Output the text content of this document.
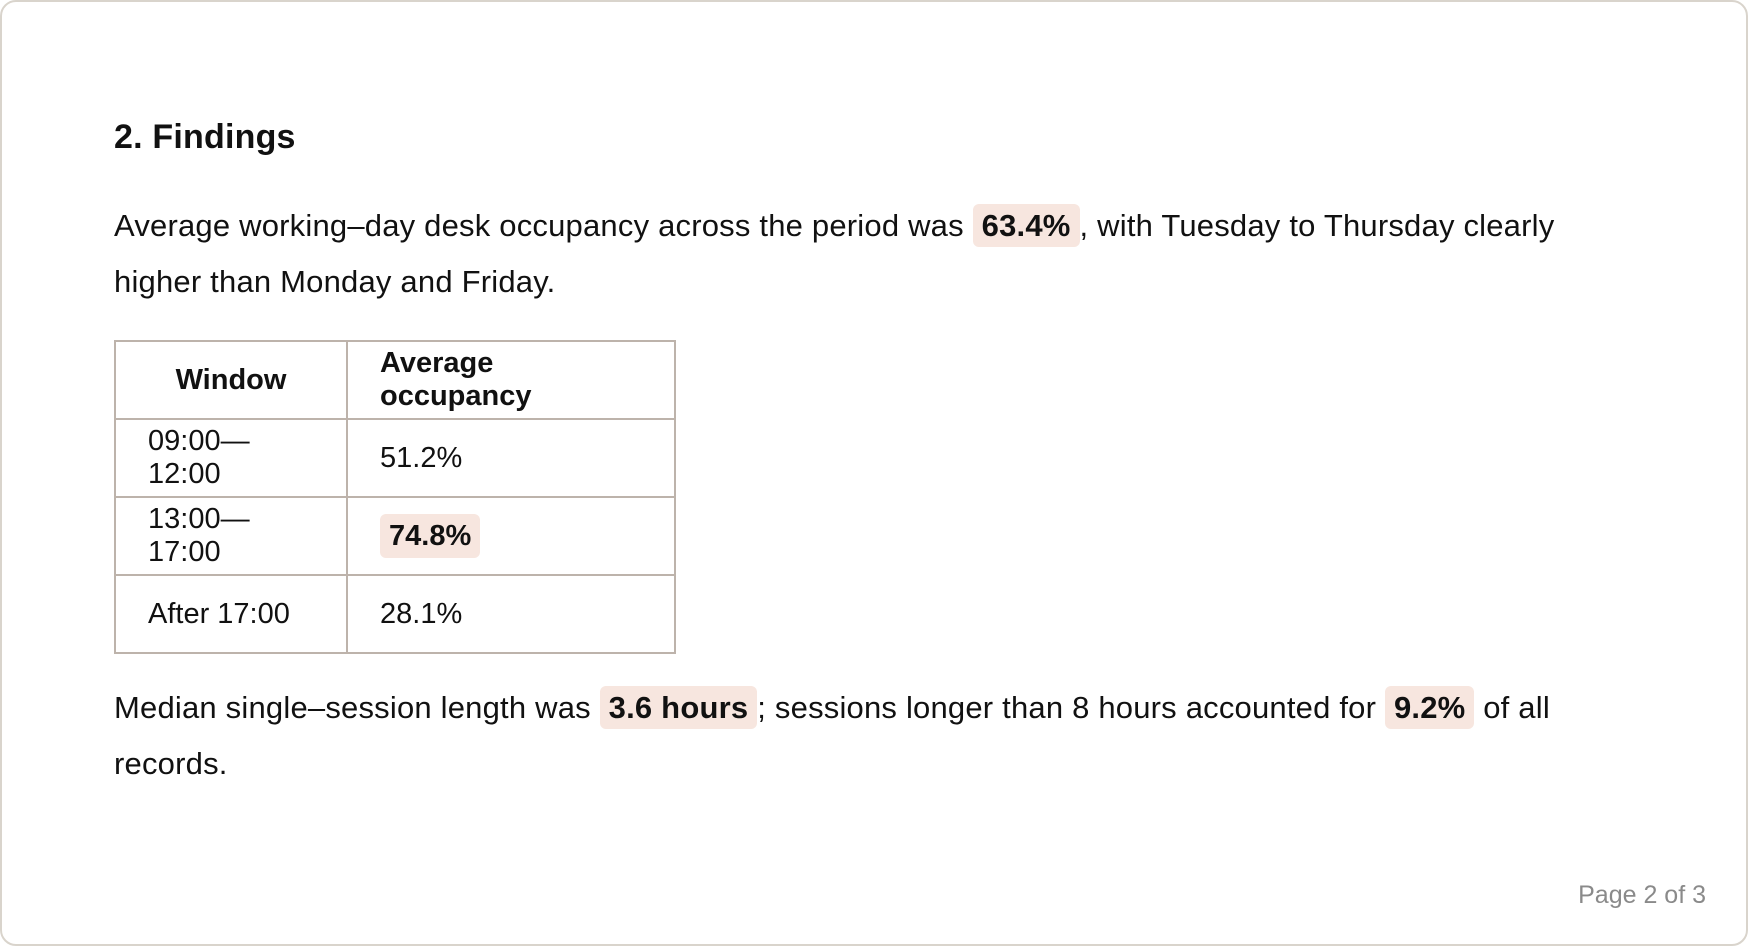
2. Findings

Average working–day desk occupancy across the period was 63.4% , with Tuesday to Thursday clearly higher than Monday and Friday.

Window	Average occupancy
09:00—12:00	51.2%
13:00—17:00	74.8%
After 17:00	28.1%

Median single–session length was 3.6 hours ; sessions longer than 8 hours accounted for 9.2% of all records.

Page 2 of 3
